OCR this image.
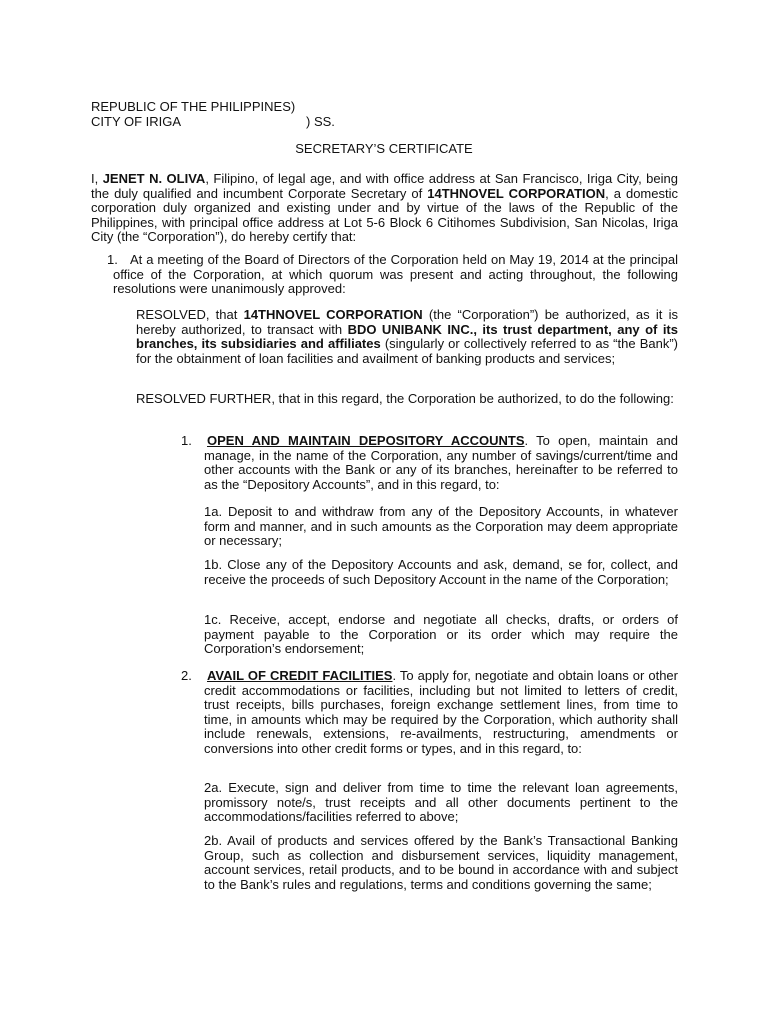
REPUBLIC OF THE PHILIPPINES)
CITY OF IRIGA	) SS.
SECRETARY’S CERTIFICATE

I, JENET N. OLIVA, Filipino, of legal age, and with office address at San Francisco, Iriga City, being the duly qualified and incumbent Corporate Secretary of 14THNOVEL CORPORATION, a domestic corporation duly organized and existing under and by virtue of the laws of the Republic of the Philippines, with principal office address at Lot 5-6 Block 6 Citihomes Subdivision, San Nicolas, Iriga City (the “Corporation”), do hereby certify that:

1. At a meeting of the Board of Directors of the Corporation held on May 19, 2014 at the principal office of the Corporation, at which quorum was present and acting throughout, the following resolutions were unanimously approved:

RESOLVED, that 14THNOVEL CORPORATION (the “Corporation”) be authorized, as it is hereby authorized, to transact with BDO UNIBANK INC., its trust department, any of its branches, its subsidiaries and affiliates (singularly or collectively referred to as “the Bank”) for the obtainment of loan facilities and availment of banking products and services;

RESOLVED FURTHER, that in this regard, the Corporation be authorized, to do the following:

1.	OPEN AND MAINTAIN DEPOSITORY ACCOUNTS. To open, maintain and manage, in the name of the Corporation, any number of savings/current/time and other accounts with the Bank or any of its branches, hereinafter to be referred to as the “Depository Accounts”, and in this regard, to:

1a. Deposit to and withdraw from any of the Depository Accounts, in whatever form and manner, and in such amounts as the Corporation may deem appropriate or necessary;

1b. Close any of the Depository Accounts and ask, demand, se for, collect, and receive the proceeds of such Depository Account in the name of the Corporation;

1c. Receive, accept, endorse and negotiate all checks, drafts, or orders of payment payable to the Corporation or its order which may require the Corporation’s endorsement;

2.	AVAIL OF CREDIT FACILITIES. To apply for, negotiate and obtain loans or other credit accommodations or facilities, including but not limited to letters of credit, trust receipts, bills purchases, foreign exchange settlement lines, from time to time, in amounts which may be required by the Corporation, which authority shall include renewals, extensions, re-availments, restructuring, amendments or conversions into other credit forms or types, and in this regard, to:

2a. Execute, sign and deliver from time to time the relevant loan agreements, promissory note/s, trust receipts and all other documents pertinent to the accommodations/facilities referred to above;

2b. Avail of products and services offered by the Bank’s Transactional Banking Group, such as collection and disbursement services, liquidity management, account services, retail products, and to be bound in accordance with and subject to the Bank’s rules and regulations, terms and conditions governing the same;
